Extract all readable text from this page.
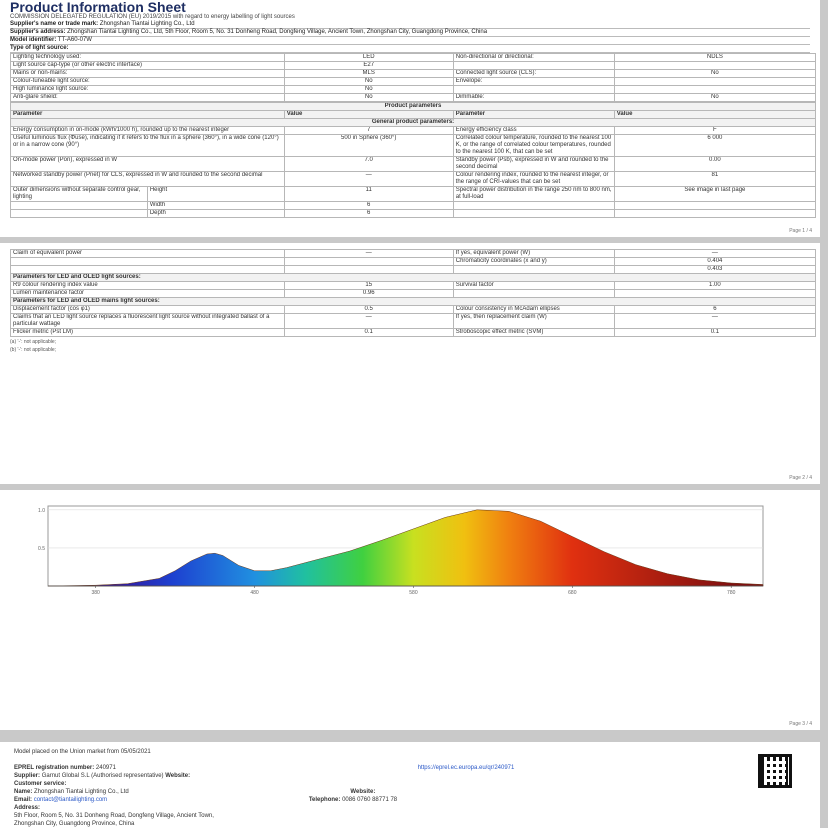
Product Information Sheet
COMMISSION DELEGATED REGULATION (EU) 2019/2015 with regard to energy labelling of light sources
Supplier's name or trade mark: Zhongshan Tiantai Lighting Co., Ltd
Supplier's address: Zhongshan Tiantai Lighting Co., Ltd, 5th Floor, Room 5, No. 31 Donheng Road, Dongfeng Village, Ancient Town, Zhongshan City, Guangdong Province, China
Model identifier: TT-A60-07W
Type of light source:
Lighting technology used:	LED	Non-directional or directional:	NDLS
Light source cap-type (or other electric interface)	E27		
Mains or non-mains:	MLS	Connected light source (CLS):	No
Colour-tuneable light source:	No	Envelope:	
High luminance light source:	No		
Anti-glare shield:	No	Dimmable:	No
Product parameters				
Parameter		Value	Parameter	Value
General product parameters:				
Energy consumption in on-mode (kWh/1000 h), rounded up to the nearest integer		7	Energy efficiency class	F
Useful luminous flux (Φuse), indicating if it refers to the flux in a sphere (360°), in a wide cone (120°) or in a narrow cone (90°)		500 in Sphere (360°)	Correlated colour temperature, rounded to the nearest 100 K, or the range of correlated colour temperatures, rounded to the nearest 100 K, that can be set	6 000
On-mode power (Pon), expressed in W		7.0	Standby power (Psb), expressed in W and rounded to the second decimal	0.00
Networked standby power (Pnet) for CLS, expressed in W and rounded to the second decimal		—	Colour rendering index, rounded to the nearest integer, or the range of CRI-values that can be set	81
Outer dimensions without separate control gear, lighting	Height	11	Spectral power distribution in the range 250 nm to 800 nm, at full-load	See image in last page
	Width	6		
	Depth	6		
Page 1 / 4
Claim of equivalent power	—	If yes, equivalent power (W)	—
		Chromaticity coordinates (x and y)	0.404
			0.403
Parameters for LED and OLED light sources:			
R9 colour rendering index value	15	Survival factor	1.00
Lumen maintenance factor	0.96		
Parameters for LED and OLED mains light sources:			
Displacement factor (cos φ1)	0.5	Colour consistency in McAdam ellipses	6
Claims that an LED light source replaces a fluorescent light source without integrated ballast of a particular wattage	—	If yes, then replacement claim (W)	—
Flicker metric (Pst LM)	0.1	Stroboscopic effect metric (SVM)	0.1
(a) '-': not applicable;
(b) '-': not applicable;
Page 2 / 4
1.0
0.5
380	480	580	680	780
Page 3 / 4
Model placed on the Union market from 05/05/2021
EPREL registration number: 240971	https://eprel.ec.europa.eu/qr/240971
Supplier: Garnut Global S.L (Authorised representative) Website:
Customer service:
Name: Zhongshan Tiantai Lighting Co., Ltd	Website:
Email: contact@tiantailighting.com	Telephone: 0086 0760 88771 78
Address:
5th Floor, Room 5, No. 31 Donheng Road, Dongfeng Village, Ancient Town,
Zhongshan City, Guangdong Province, China
